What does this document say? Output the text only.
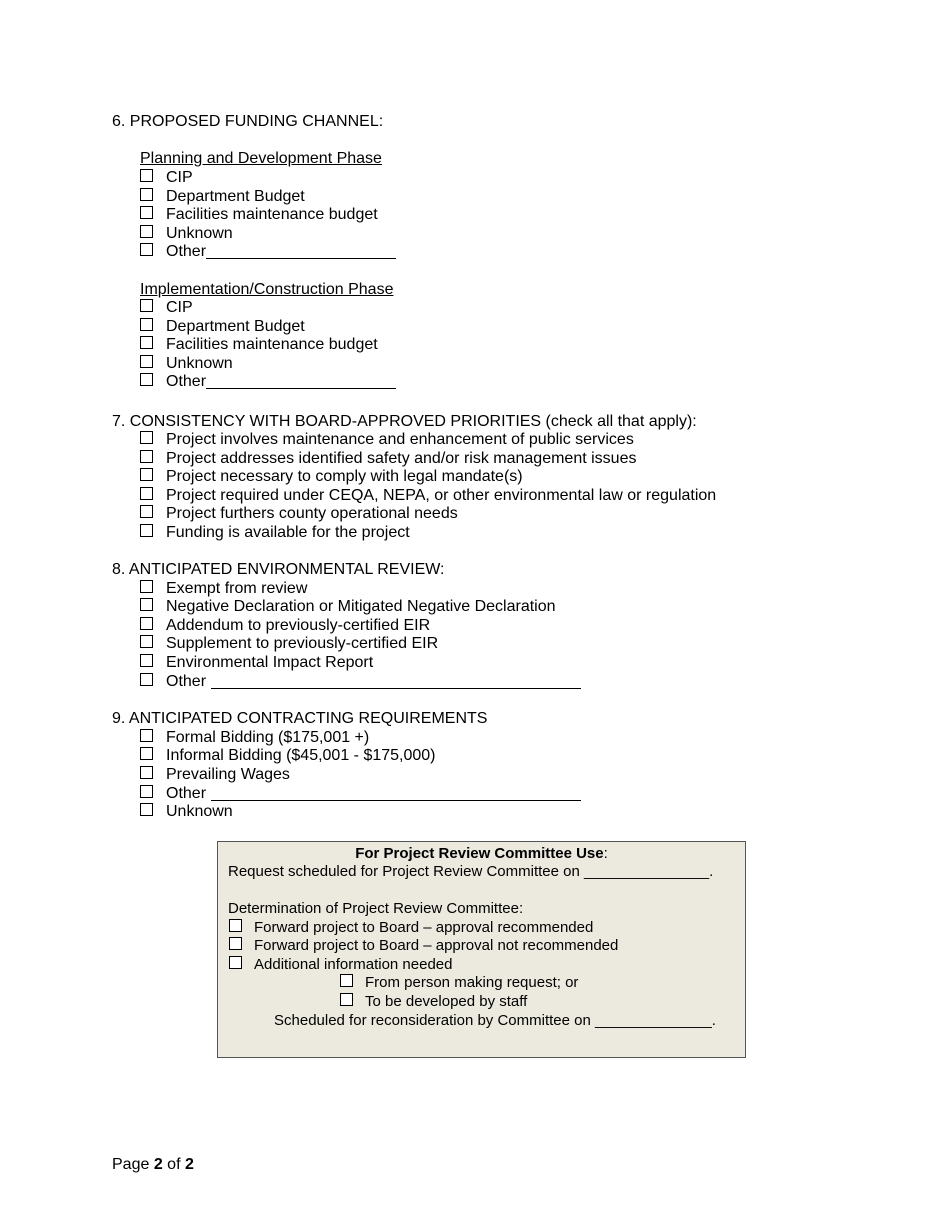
6. PROPOSED FUNDING CHANNEL:
Planning and Development Phase
CIP
Department Budget
Facilities maintenance budget
Unknown
Other
Implementation/Construction Phase
CIP
Department Budget
Facilities maintenance budget
Unknown
Other
7. CONSISTENCY WITH BOARD-APPROVED PRIORITIES (check all that apply):
Project involves maintenance and enhancement of public services
Project addresses identified safety and/or risk management issues
Project necessary to comply with legal mandate(s)
Project required under CEQA, NEPA, or other environmental law or regulation
Project furthers county operational needs
Funding is available for the project
8. ANTICIPATED ENVIRONMENTAL REVIEW:
Exempt from review
Negative Declaration or Mitigated Negative Declaration
Addendum to previously-certified EIR
Supplement to previously-certified EIR
Environmental Impact Report
Other
9. ANTICIPATED CONTRACTING REQUIREMENTS
Formal Bidding ($175,001 +)
Informal Bidding ($45,001 - $175,000)
Prevailing Wages
Other
Unknown
For Project Review Committee Use:
Request scheduled for Project Review Committee on _______________.
Determination of Project Review Committee:
Forward project to Board – approval recommended
Forward project to Board – approval not recommended
Additional information needed
From person making request; or
To be developed by staff
Scheduled for reconsideration by Committee on ______________.
Page 2 of 2
